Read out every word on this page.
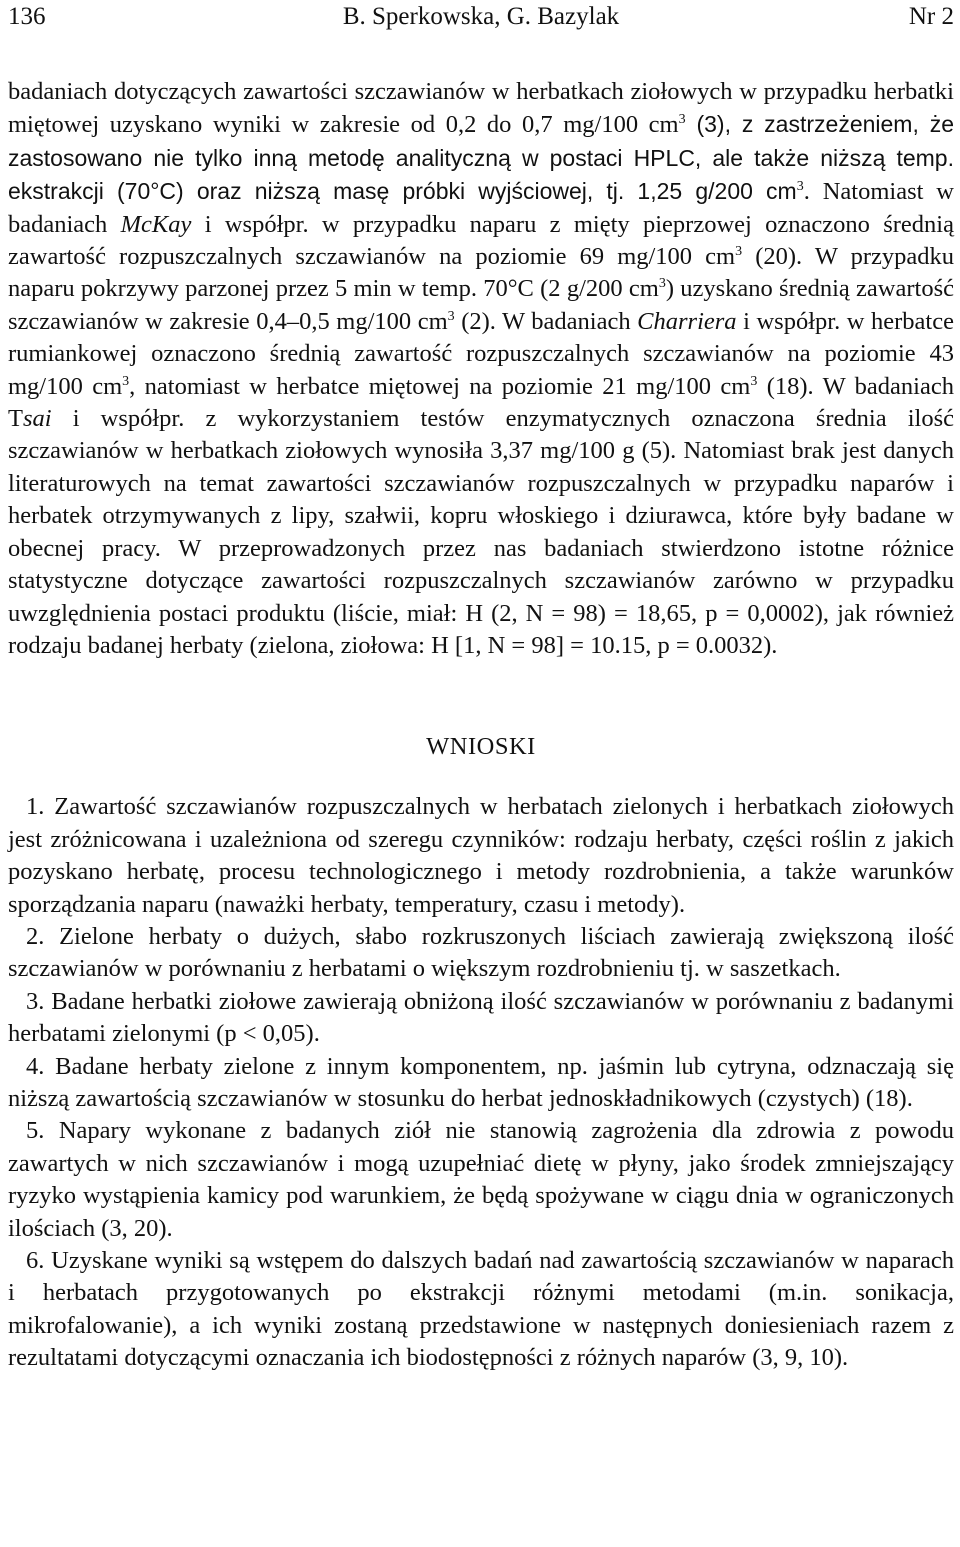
136	B. Sperkowska, G. Bazylak	Nr 2

badaniach dotyczących zawartości szczawianów w herbatkach ziołowych w przypadku herbatki miętowej uzyskano wyniki w zakresie od 0,2 do 0,7 mg/100 $cm^3$ (3), z zastrzeżeniem, że zastosowano nie tylko inną metodę analityczną w postaci HPLC, ale także niższą temp. ekstrakcji (70°C) oraz niższą masę próbki wyjściowej, tj. 1,25 g/200 $cm^3$. Natomiast w badaniach McKay i współpr. w przypadku naparu z mięty pieprzowej oznaczono średnią zawartość rozpuszczalnych szczawianów na poziomie 69 mg/100 $cm^3$ (20). W przypadku naparu pokrzywy parzonej przez 5 min w temp. 70°C (2 g/200 $cm^3$) uzyskano średnią zawartość szczawianów w zakresie 0,4–0,5 mg/100 $cm^3$ (2). W badaniach Charriera i współpr. w herbatce rumiankowej oznaczono średnią zawartość rozpuszczalnych szczawianów na poziomie 43 mg/100 $cm^3$, natomiast w herbatce miętowej na poziomie 21 mg/100 $cm^3$ (18). W badaniach Tsai i współpr. z wykorzystaniem testów enzymatycznych oznaczona średnia ilość szczawianów w herbatkach ziołowych wynosiła 3,37 mg/100 g (5). Natomiast brak jest danych literaturowych na temat zawartości szczawianów rozpuszczalnych w przypadku naparów i herbatek otrzymywanych z lipy, szałwii, kopru włoskiego i dziurawca, które były badane w obecnej pracy. W przeprowadzonych przez nas badaniach stwierdzono istotne różnice statystyczne dotyczące zawartości rozpuszczalnych szczawianów zarówno w przypadku uwzględnienia postaci produktu (liście, miał: H (2, N = 98) = 18,65, p = 0,0002), jak również rodzaju badanej herbaty (zielona, ziołowa: H [1, N = 98] = 10.15, p = 0.0032).

WNIOSKI

1. Zawartość szczawianów rozpuszczalnych w herbatach zielonych i herbatkach ziołowych jest zróżnicowana i uzależniona od szeregu czynników: rodzaju herbaty, części roślin z jakich pozyskano herbatę, procesu technologicznego i metody rozdrobnienia, a także warunków sporządzania naparu (naważki herbaty, temperatury, czasu i metody).

2. Zielone herbaty o dużych, słabo rozkruszonych liściach zawierają zwiększoną ilość szczawianów w porównaniu z herbatami o większym rozdrobnieniu tj. w saszetkach.

3. Badane herbatki ziołowe zawierają obniżoną ilość szczawianów w porównaniu z badanymi herbatami zielonymi (p < 0,05).

4. Badane herbaty zielone z innym komponentem, np. jaśmin lub cytryna, odznaczają się niższą zawartością szczawianów w stosunku do herbat jednoskładnikowych (czystych) (18).

5. Napary wykonane z badanych ziół nie stanowią zagrożenia dla zdrowia z powodu zawartych w nich szczawianów i mogą uzupełniać dietę w płyny, jako środek zmniejszający ryzyko wystąpienia kamicy pod warunkiem, że będą spożywane w ciągu dnia w ograniczonych ilościach (3, 20).

6. Uzyskane wyniki są wstępem do dalszych badań nad zawartością szczawianów w naparach i herbatach przygotowanych po ekstrakcji różnymi metodami (m.in. sonikacja, mikrofalowanie), a ich wyniki zostaną przedstawione w następnych doniesieniach razem z rezultatami dotyczącymi oznaczania ich biodostępności z różnych naparów (3, 9, 10).
